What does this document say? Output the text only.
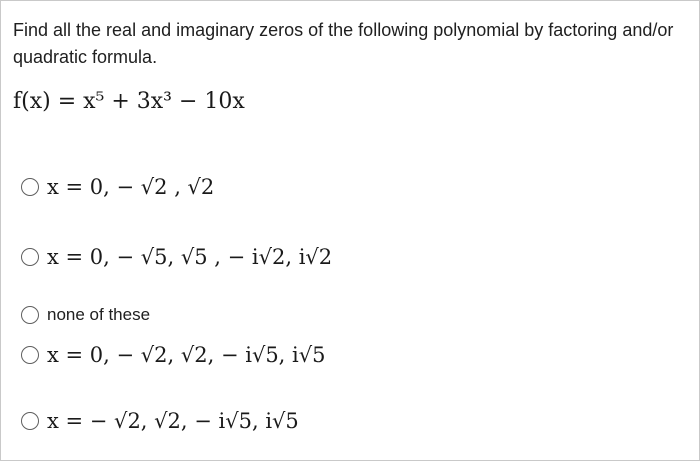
Find all the real and imaginary zeros of the following polynomial by factoring and/or quadratic formula.
f(x) = x⁵ + 3x³ − 10x
x = 0, − √2 , √2
x = 0, − √5, √5 , − i√2, i√2
none of these
x = 0, − √2, √2, − i√5, i√5
x = − √2, √2, − i√5, i√5
